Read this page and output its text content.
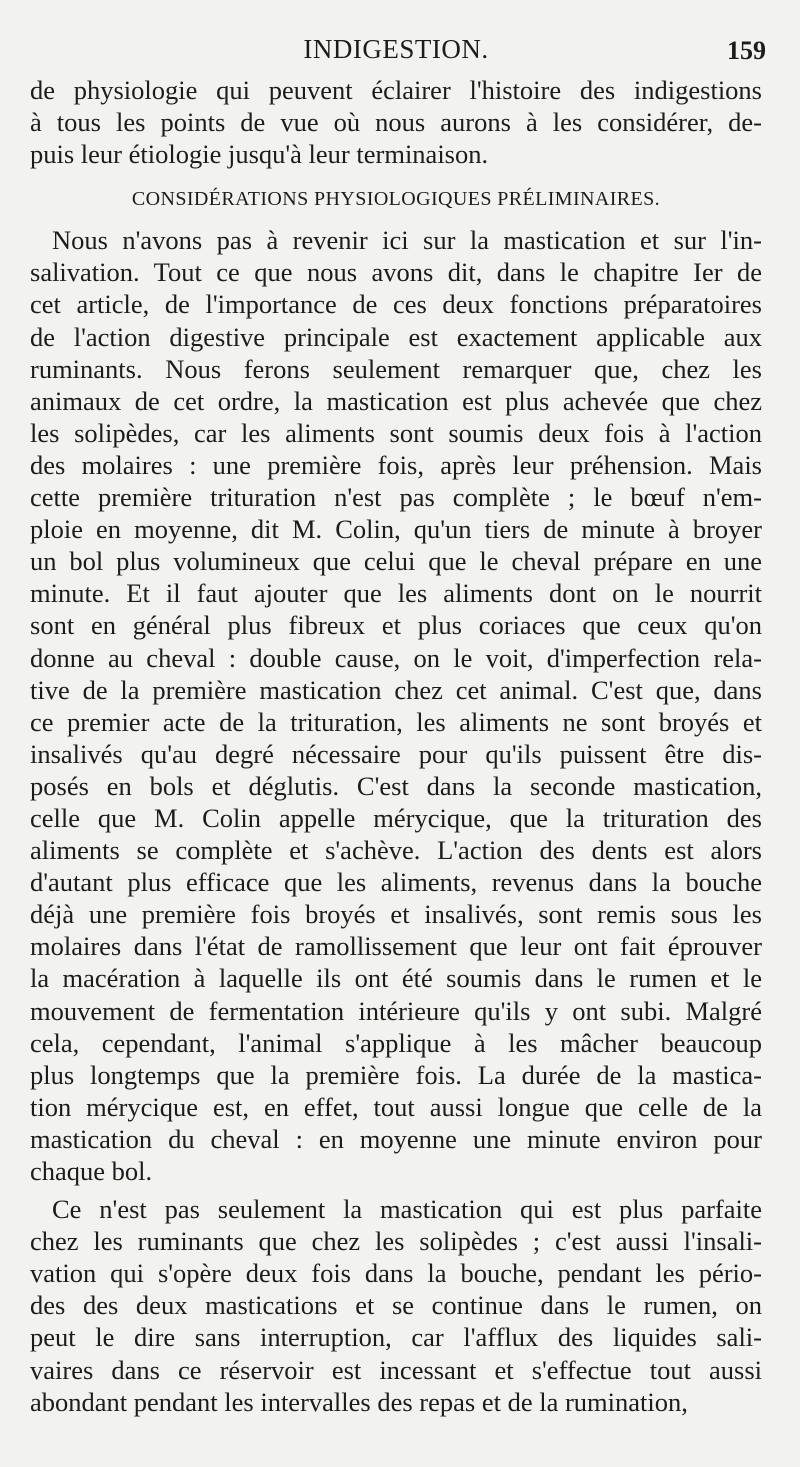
INDIGESTION.	159
de physiologie qui peuvent éclairer l'histoire des indigestions
à tous les points de vue où nous aurons à les considérer, de-
puis leur étiologie jusqu'à leur terminaison.
CONSIDÉRATIONS PHYSIOLOGIQUES PRÉLIMINAIRES.
Nous n'avons pas à revenir ici sur la mastication et sur l'in-
salivation. Tout ce que nous avons dit, dans le chapitre Ier de
cet article, de l'importance de ces deux fonctions préparatoires
de l'action digestive principale est exactement applicable aux
ruminants. Nous ferons seulement remarquer que, chez les
animaux de cet ordre, la mastication est plus achevée que chez
les solipèdes, car les aliments sont soumis deux fois à l'action
des molaires : une première fois, après leur préhension. Mais
cette première trituration n'est pas complète ; le bœuf n'em-
ploie en moyenne, dit M. Colin, qu'un tiers de minute à broyer
un bol plus volumineux que celui que le cheval prépare en une
minute. Et il faut ajouter que les aliments dont on le nourrit
sont en général plus fibreux et plus coriaces que ceux qu'on
donne au cheval : double cause, on le voit, d'imperfection rela-
tive de la première mastication chez cet animal. C'est que, dans
ce premier acte de la trituration, les aliments ne sont broyés et
insalivés qu'au degré nécessaire pour qu'ils puissent être dis-
posés en bols et déglutis. C'est dans la seconde mastication,
celle que M. Colin appelle mérycique, que la trituration des
aliments se complète et s'achève. L'action des dents est alors
d'autant plus efficace que les aliments, revenus dans la bouche
déjà une première fois broyés et insalivés, sont remis sous les
molaires dans l'état de ramollissement que leur ont fait éprouver
la macération à laquelle ils ont été soumis dans le rumen et le
mouvement de fermentation intérieure qu'ils y ont subi. Malgré
cela, cependant, l'animal s'applique à les mâcher beaucoup
plus longtemps que la première fois. La durée de la mastica-
tion mérycique est, en effet, tout aussi longue que celle de la
mastication du cheval : en moyenne une minute environ pour
chaque bol.
Ce n'est pas seulement la mastication qui est plus parfaite
chez les ruminants que chez les solipèdes ; c'est aussi l'insali-
vation qui s'opère deux fois dans la bouche, pendant les pério-
des des deux mastications et se continue dans le rumen, on
peut le dire sans interruption, car l'afflux des liquides sali-
vaires dans ce réservoir est incessant et s'effectue tout aussi
abondant pendant les intervalles des repas et de la rumination,
